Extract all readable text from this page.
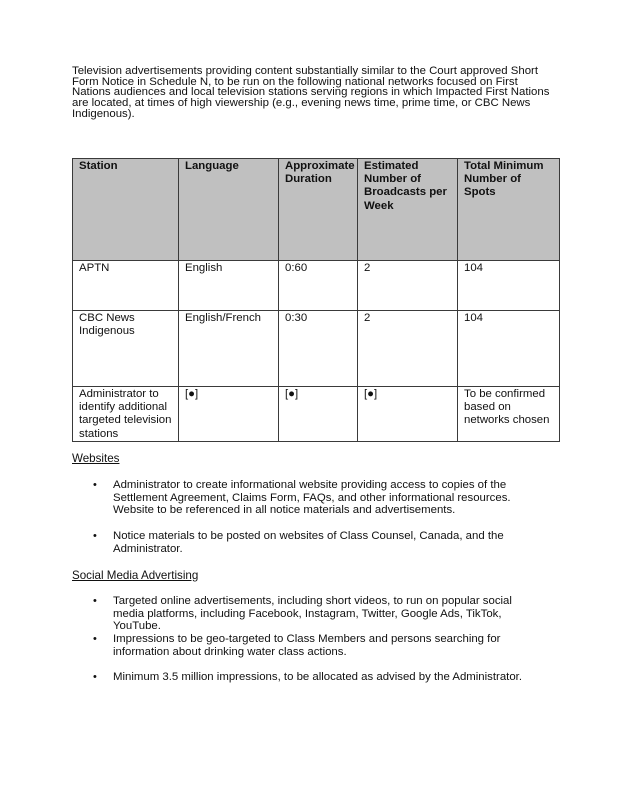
Television advertisements providing content substantially similar to the Court approved Short Form Notice in Schedule N, to be run on the following national networks focused on First Nations audiences and local television stations serving regions in which Impacted First Nations are located, at times of high viewership (e.g., evening news time, prime time, or CBC News Indigenous).

Station	Language	Approximate Duration	Estimated Number of Broadcasts per Week	Total Minimum Number of Spots
APTN	English	0:60	2	104
CBC News Indigenous	English/French	0:30	2	104
Administrator to identify additional targeted television stations	[●]	[●]	[●]	To be confirmed based on networks chosen

Websites

• Administrator to create informational website providing access to copies of the Settlement Agreement, Claims Form, FAQs, and other informational resources. Website to be referenced in all notice materials and advertisements.
• Notice materials to be posted on websites of Class Counsel, Canada, and the Administrator.

Social Media Advertising

• Targeted online advertisements, including short videos, to run on popular social media platforms, including Facebook, Instagram, Twitter, Google Ads, TikTok, YouTube.
• Impressions to be geo-targeted to Class Members and persons searching for information about drinking water class actions.
• Minimum 3.5 million impressions, to be allocated as advised by the Administrator.
